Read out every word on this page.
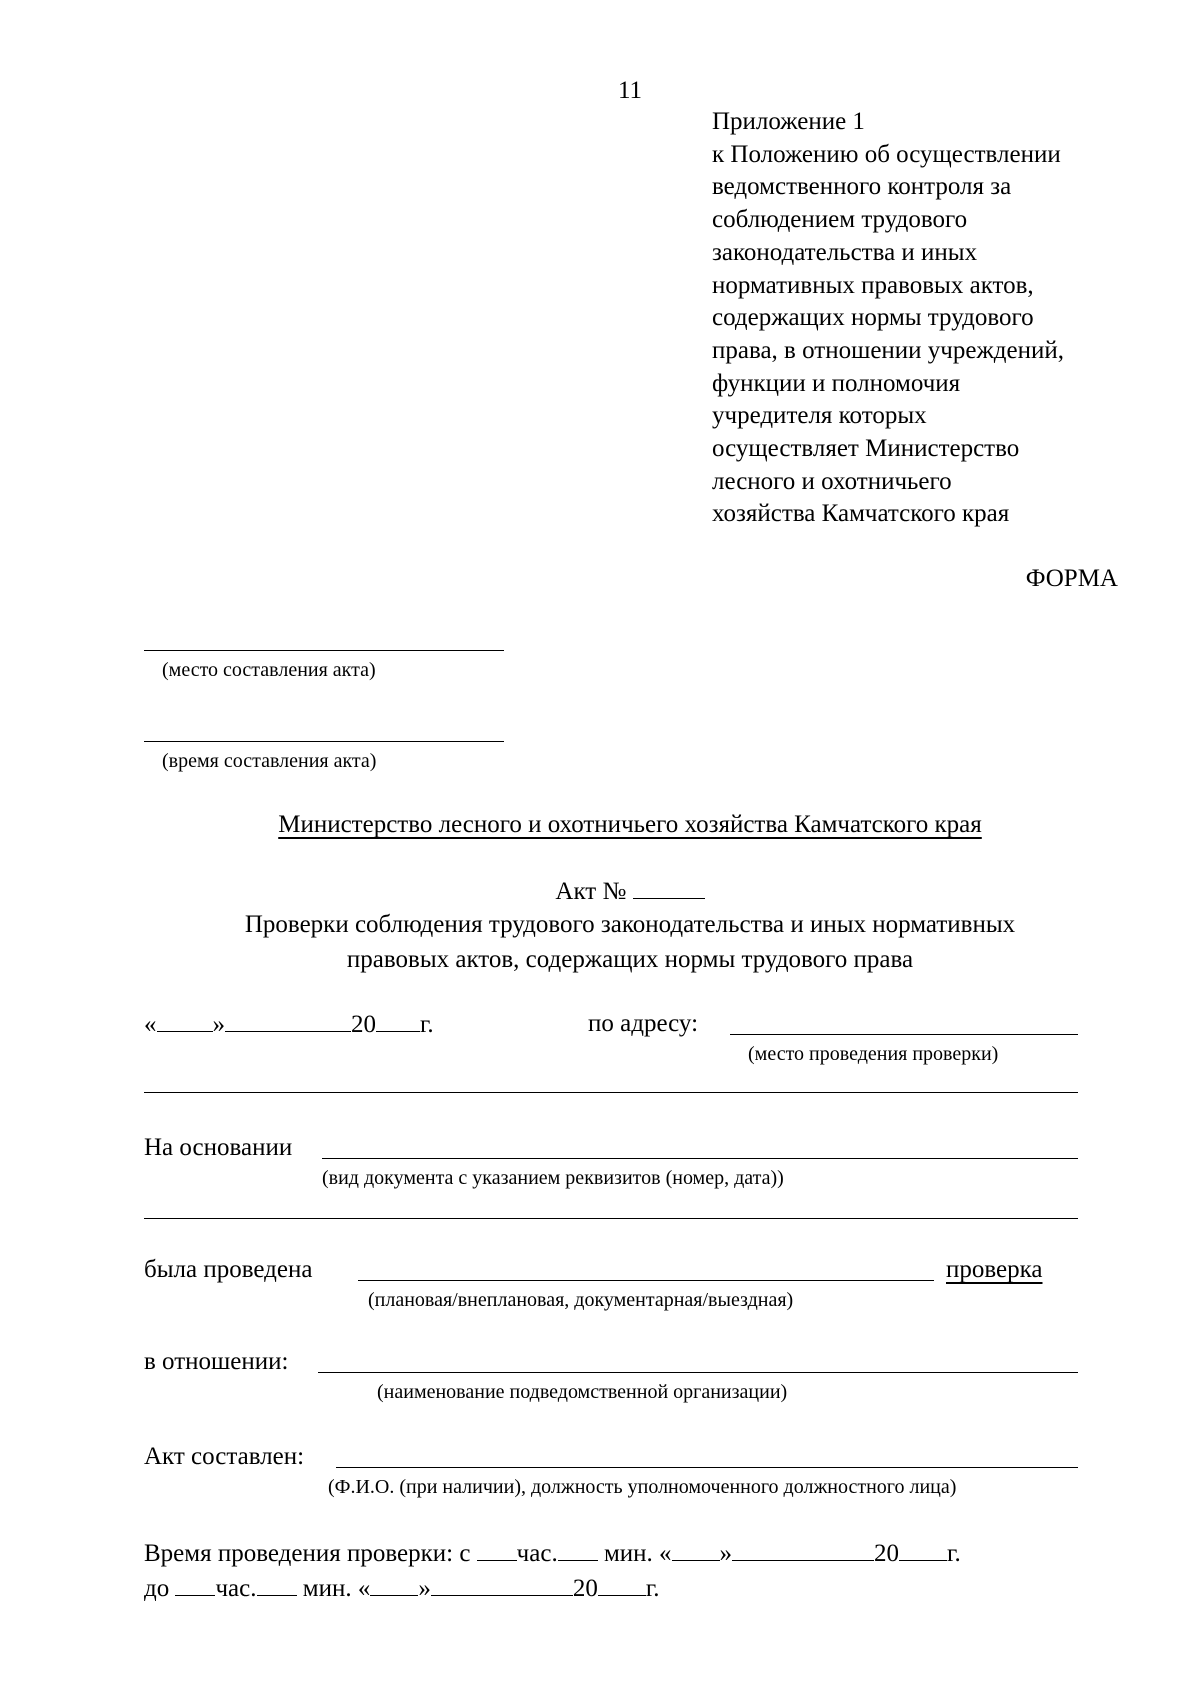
11
Приложение 1
к Положению об осуществлении
ведомственного контроля за
соблюдением трудового
законодательства и иных
нормативных правовых актов,
содержащих нормы трудового
права, в отношении учреждений,
функции и полномочия
учредителя которых
осуществляет Министерство
лесного и охотничьего
хозяйства Камчатского края
ФОРМА
(место составления акта)
(время составления акта)
Министерство лесного и охотничьего хозяйства Камчатского края
Акт №
Проверки соблюдения трудового законодательства и иных нормативных
правовых актов, содержащих нормы трудового права
« »	20 г.	по адресу:
(место проведения проверки)
На основании
(вид документа с указанием реквизитов (номер, дата))
была проведена	проверка
(плановая/внеплановая, документарная/выездная)
в отношении:
(наименование подведомственной организации)
Акт составлен:
(Ф.И.О. (при наличии), должность уполномоченного должностного лица)
Время проведения проверки: с час. мин. « »	20 г.
до час. мин. « »	20 г.
